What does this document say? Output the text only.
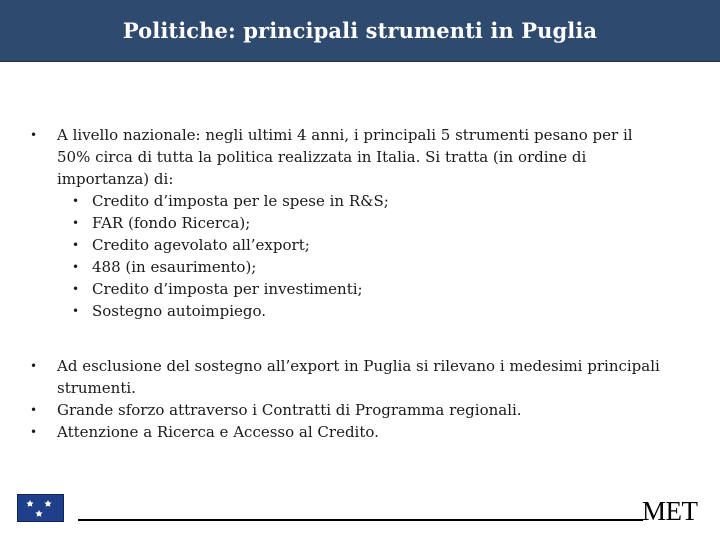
Politiche: principali strumenti in Puglia
• A livello nazionale: negli ultimi 4 anni, i principali 5 strumenti pesano per il 50% circa di tutta la politica realizzata in Italia. Si tratta (in ordine di importanza) di:
• Credito d’imposta per le spese in R&S;
• FAR (fondo Ricerca);
• Credito agevolato all’export;
• 488 (in esaurimento);
• Credito d’imposta per investimenti;
• Sostegno autoimpiego.
• Ad esclusione del sostegno all’export in Puglia si rilevano i medesimi principali strumenti.
• Grande sforzo attraverso i Contratti di Programma regionali.
• Attenzione a Ricerca e Accesso al Credito.
MET
